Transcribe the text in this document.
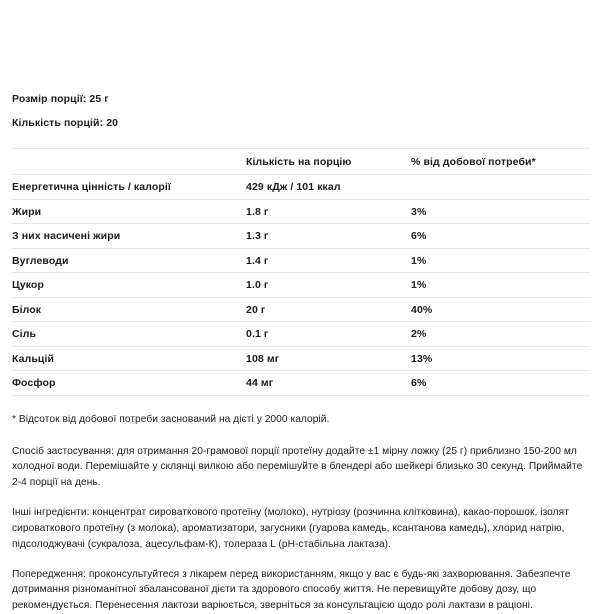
Розмір порції: 25 г
Кількість порцій: 20
	Кількість на порцію	% від добової потреби*
Енергетична цінність / калорії	429 кДж / 101 ккал	
Жири	1.8 г	3%
З них насичені жири	1.3 г	6%
Вуглеводи	1.4 г	1%
Цукор	1.0 г	1%
Білок	20 г	40%
Сіль	0.1 г	2%
Кальцій	108 мг	13%
Фосфор	44 мг	6%

* Відсоток від добової потреби заснований на дієті у 2000 калорій.

Спосіб застосування: для отримання 20-грамової порції протеїну додайте ±1 мірну ложку (25 г) приблизно 150-200 мл холодної води. Перемішайте у склянці вилкою або перемішуйте в блендері або шейкері близько 30 секунд. Приймайте 2-4 порції на день.

Інші інгредієнти: концентрат сироваткового протеїну (молоко), нутріозу (розчинна клітковина), какао-порошок, ізолят сироваткового протеїну (з молока), ароматизатори, загусники (гуарова камедь, ксантанова камедь), хлорид натрію, підсолоджувачі (сукралоза, ацесульфам-К), толераза L (рН-стабільна лактаза).

Попередження: проконсультуйтеся з лікарем перед використанням, якщо у вас є будь-які захворювання. Забезпечте дотримання різноманітної збалансованої дієти та здорового способу життя. Не перевищуйте добову дозу, що рекомендується. Перенесення лактози варіюється, зверніться за консультацією щодо ролі лактази в раціоні.
